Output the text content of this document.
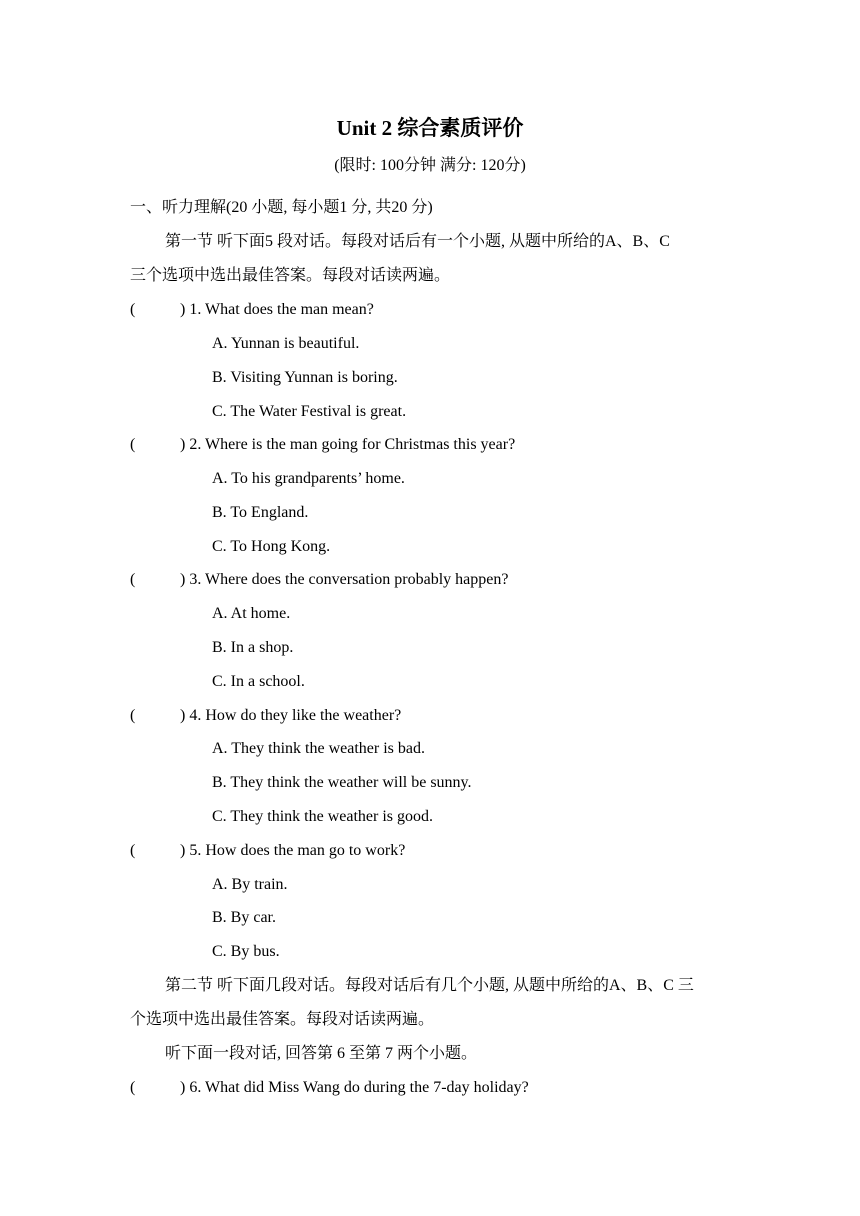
Unit 2 综合素质评价
(限时: 100分钟 满分: 120分)
一、听力理解(20 小题, 每小题1 分, 共20 分)
第一节 听下面5 段对话。每段对话后有一个小题, 从题中所给的A、B、C
三个选项中选出最佳答案。每段对话读两遍。
(	) 1. What does the man mean?
A. Yunnan is beautiful.
B. Visiting Yunnan is boring.
C. The Water Festival is great.
(	) 2. Where is the man going for Christmas this year?
A. To his grandparents’ home.
B. To England.
C. To Hong Kong.
(	) 3. Where does the conversation probably happen?
A. At home.
B. In a shop.
C. In a school.
(	) 4. How do they like the weather?
A. They think the weather is bad.
B. They think the weather will be sunny.
C. They think the weather is good.
(	) 5. How does the man go to work?
A. By train.
B. By car.
C. By bus.
第二节 听下面几段对话。每段对话后有几个小题, 从题中所给的A、B、C 三
个选项中选出最佳答案。每段对话读两遍。
听下面一段对话, 回答第 6 至第 7 两个小题。
(	) 6. What did Miss Wang do during the 7-day holiday?
